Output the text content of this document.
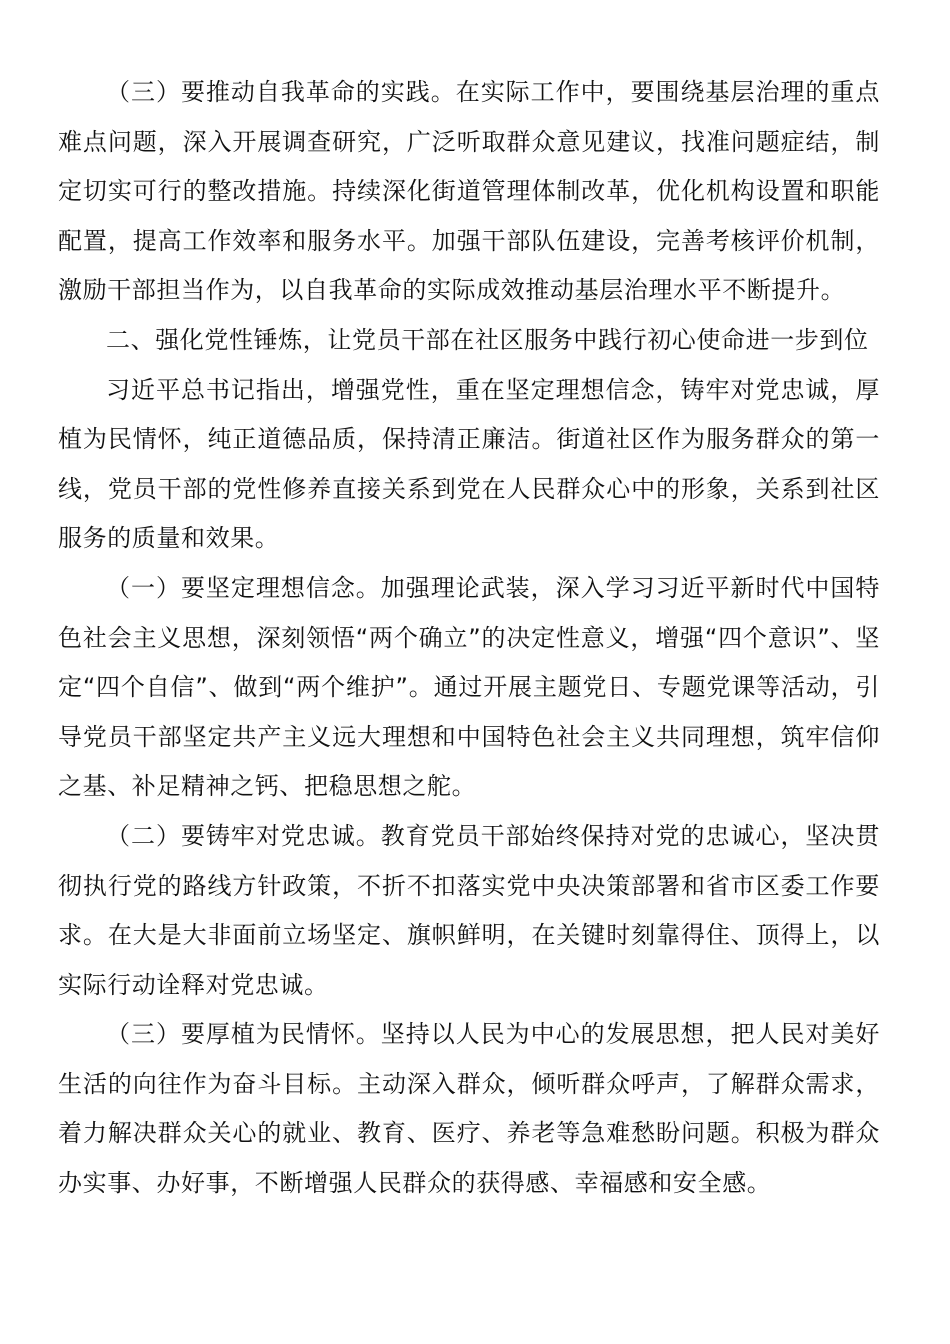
（三）要推动自我革命的实践。在实际工作中，要围绕基层治理的重点难点问题，深入开展调查研究，广泛听取群众意见建议，找准问题症结，制定切实可行的整改措施。持续深化街道管理体制改革，优化机构设置和职能配置，提高工作效率和服务水平。加强干部队伍建设，完善考核评价机制，激励干部担当作为，以自我革命的实际成效推动基层治理水平不断提升。

二、强化党性锤炼，让党员干部在社区服务中践行初心使命进一步到位

习近平总书记指出，增强党性，重在坚定理想信念，铸牢对党忠诚，厚植为民情怀，纯正道德品质，保持清正廉洁。街道社区作为服务群众的第一线，党员干部的党性修养直接关系到党在人民群众心中的形象，关系到社区服务的质量和效果。

（一）要坚定理想信念。加强理论武装，深入学习习近平新时代中国特色社会主义思想，深刻领悟“两个确立”的决定性意义，增强“四个意识”、坚定“四个自信”、做到“两个维护”。通过开展主题党日、专题党课等活动，引导党员干部坚定共产主义远大理想和中国特色社会主义共同理想，筑牢信仰之基、补足精神之钙、把稳思想之舵。

（二）要铸牢对党忠诚。教育党员干部始终保持对党的忠诚心，坚决贯彻执行党的路线方针政策，不折不扣落实党中央决策部署和省市区委工作要求。在大是大非面前立场坚定、旗帜鲜明，在关键时刻靠得住、顶得上，以实际行动诠释对党忠诚。

（三）要厚植为民情怀。坚持以人民为中心的发展思想，把人民对美好生活的向往作为奋斗目标。主动深入群众，倾听群众呼声，了解群众需求，着力解决群众关心的就业、教育、医疗、养老等急难愁盼问题。积极为群众办实事、办好事，不断增强人民群众的获得感、幸福感和安全感。
